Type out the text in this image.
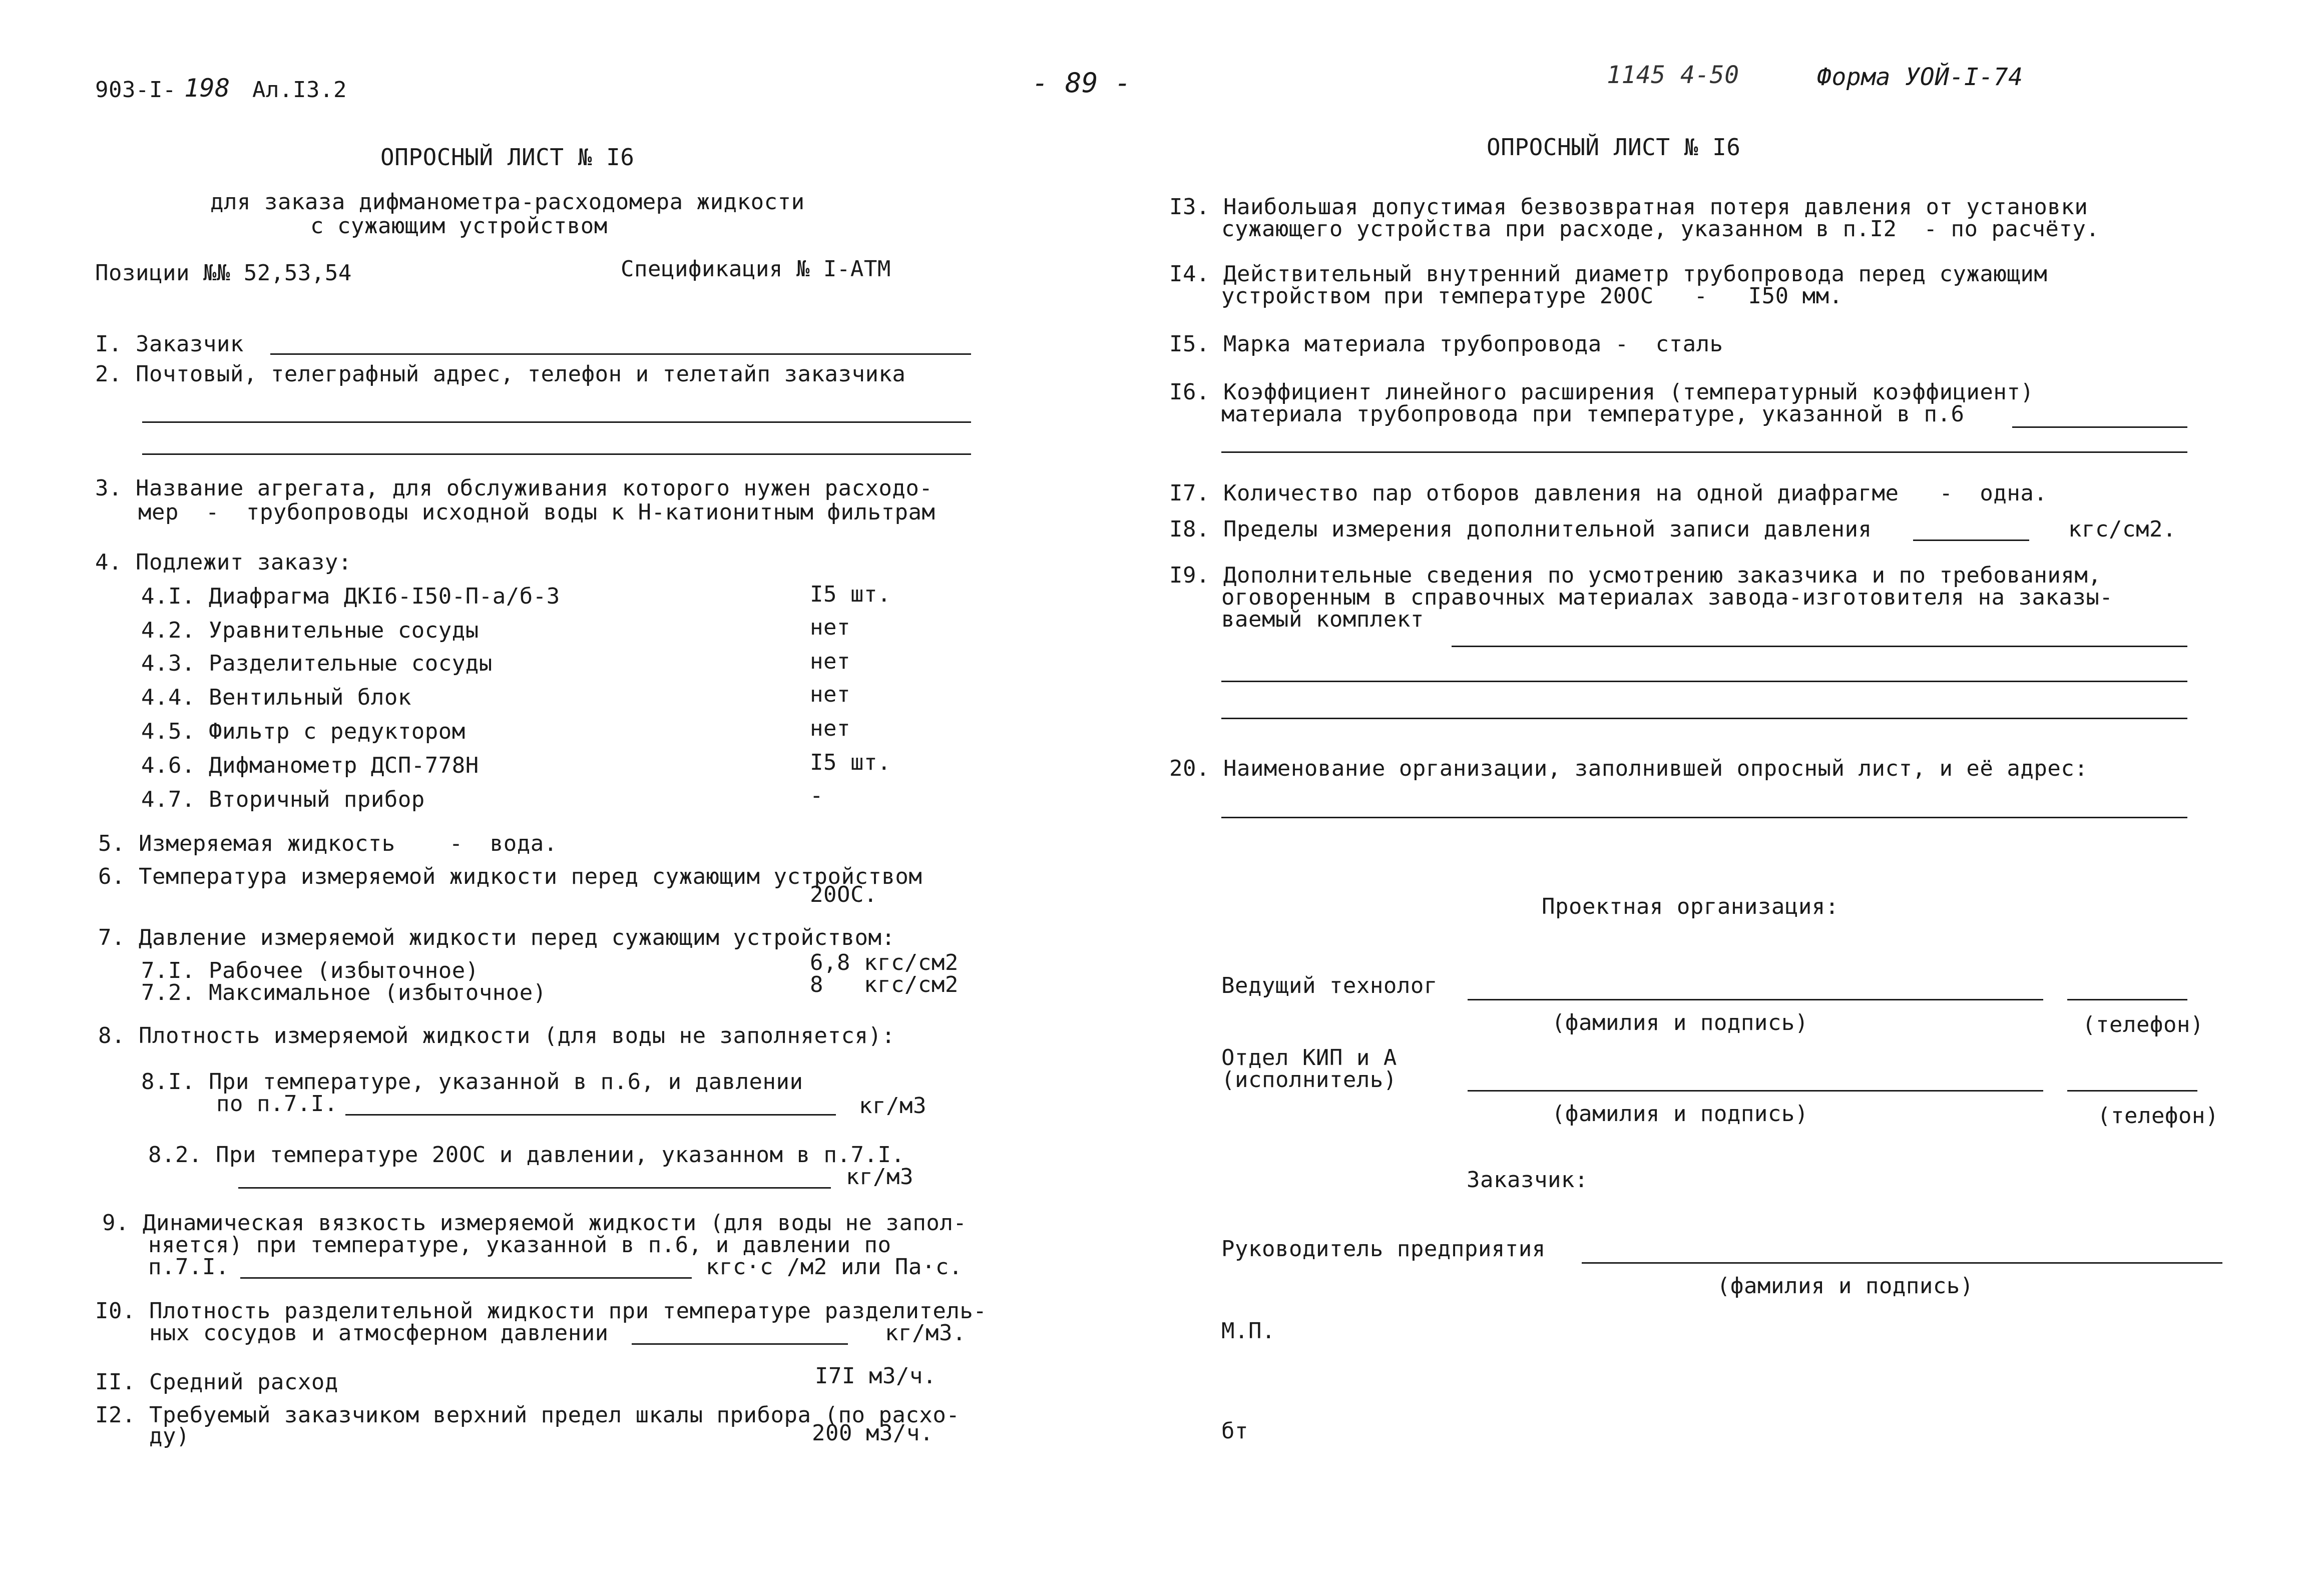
903-I- 198 Ал.I3.2
ОПРОСНЫЙ ЛИСТ № I6
для заказа дифманометра-расходомера жидкости
с сужающим устройством
Позиции №№ 52,53,54	Спецификация № I-АТМ
I. Заказчик
2. Почтовый, телеграфный адрес, телефон и телетайп заказчика
3. Название агрегата, для обслуживания которого нужен расходо-
мер  -  трубопроводы исходной воды к Н-катионитным фильтрам
4. Подлежит заказу:
4.I. Диафрагма ДКI6-I50-П-а/б-3	I5 шт.
4.2. Уравнительные сосуды	нет
4.3. Разделительные сосуды	нет
4.4. Вентильный блок	нет
4.5. Фильтр с редуктором	нет
4.6. Дифманометр ДСП-778Н	I5 шт.
4.7. Вторичный прибор	-
5. Измеряемая жидкость    -  вода.
6. Температура измеряемой жидкости перед сужающим устройством
20ОС.
7. Давление измеряемой жидкости перед сужающим устройством:
7.I. Рабочее (избыточное)	6,8 кгс/см2
7.2. Максимальное (избыточное)	8   кгс/см2
8. Плотность измеряемой жидкости (для воды не заполняется):
8.I. При температуре, указанной в п.6, и давлении
по п.7.I.	кг/м3
8.2. При температуре 20ОС и давлении, указанном в п.7.I.
кг/м3
9. Динамическая вязкость измеряемой жидкости (для воды не запол-
няется) при температуре, указанной в п.6, и давлении по
п.7.I.	кгс·с /м2 или Па·с.
I0. Плотность разделительной жидкости при температуре разделитель-
ных сосудов и атмосферном давлении	кг/м3.
II. Средний расход	I7I м3/ч.
I2. Требуемый заказчиком верхний предел шкалы прибора (по расхо-
ду)	200 м3/ч.
- 89 -	1145 4-50	Форма УОЙ-I-74
ОПРОСНЫЙ ЛИСТ № I6
I3. Наибольшая допустимая безвозвратная потеря давления от установки
сужающего устройства при расходе, указанном в п.I2  - по расчёту.
I4. Действительный внутренний диаметр трубопровода перед сужающим
устройством при температуре 20ОС   -   I50 мм.
I5. Марка материала трубопровода -  сталь
I6. Коэффициент линейного расширения (температурный коэффициент)
материала трубопровода при температуре, указанной в п.6
I7. Количество пар отборов давления на одной диафрагме   -  одна.
I8. Пределы измерения дополнительной записи давления	кгс/см2.
I9. Дополнительные сведения по усмотрению заказчика и по требованиям,
оговоренным в справочных материалах завода-изготовителя на заказы-
ваемый комплект
20. Наименование организации, заполнившей опросный лист, и её адрес:
Проектная организация:
Ведущий технолог
(фамилия и подпись)	(телефон)
Отдел КИП и А
(исполнитель)
(фамилия и подпись)	(телефон)
Заказчик:
Руководитель предприятия
(фамилия и подпись)
М.П.
бт
